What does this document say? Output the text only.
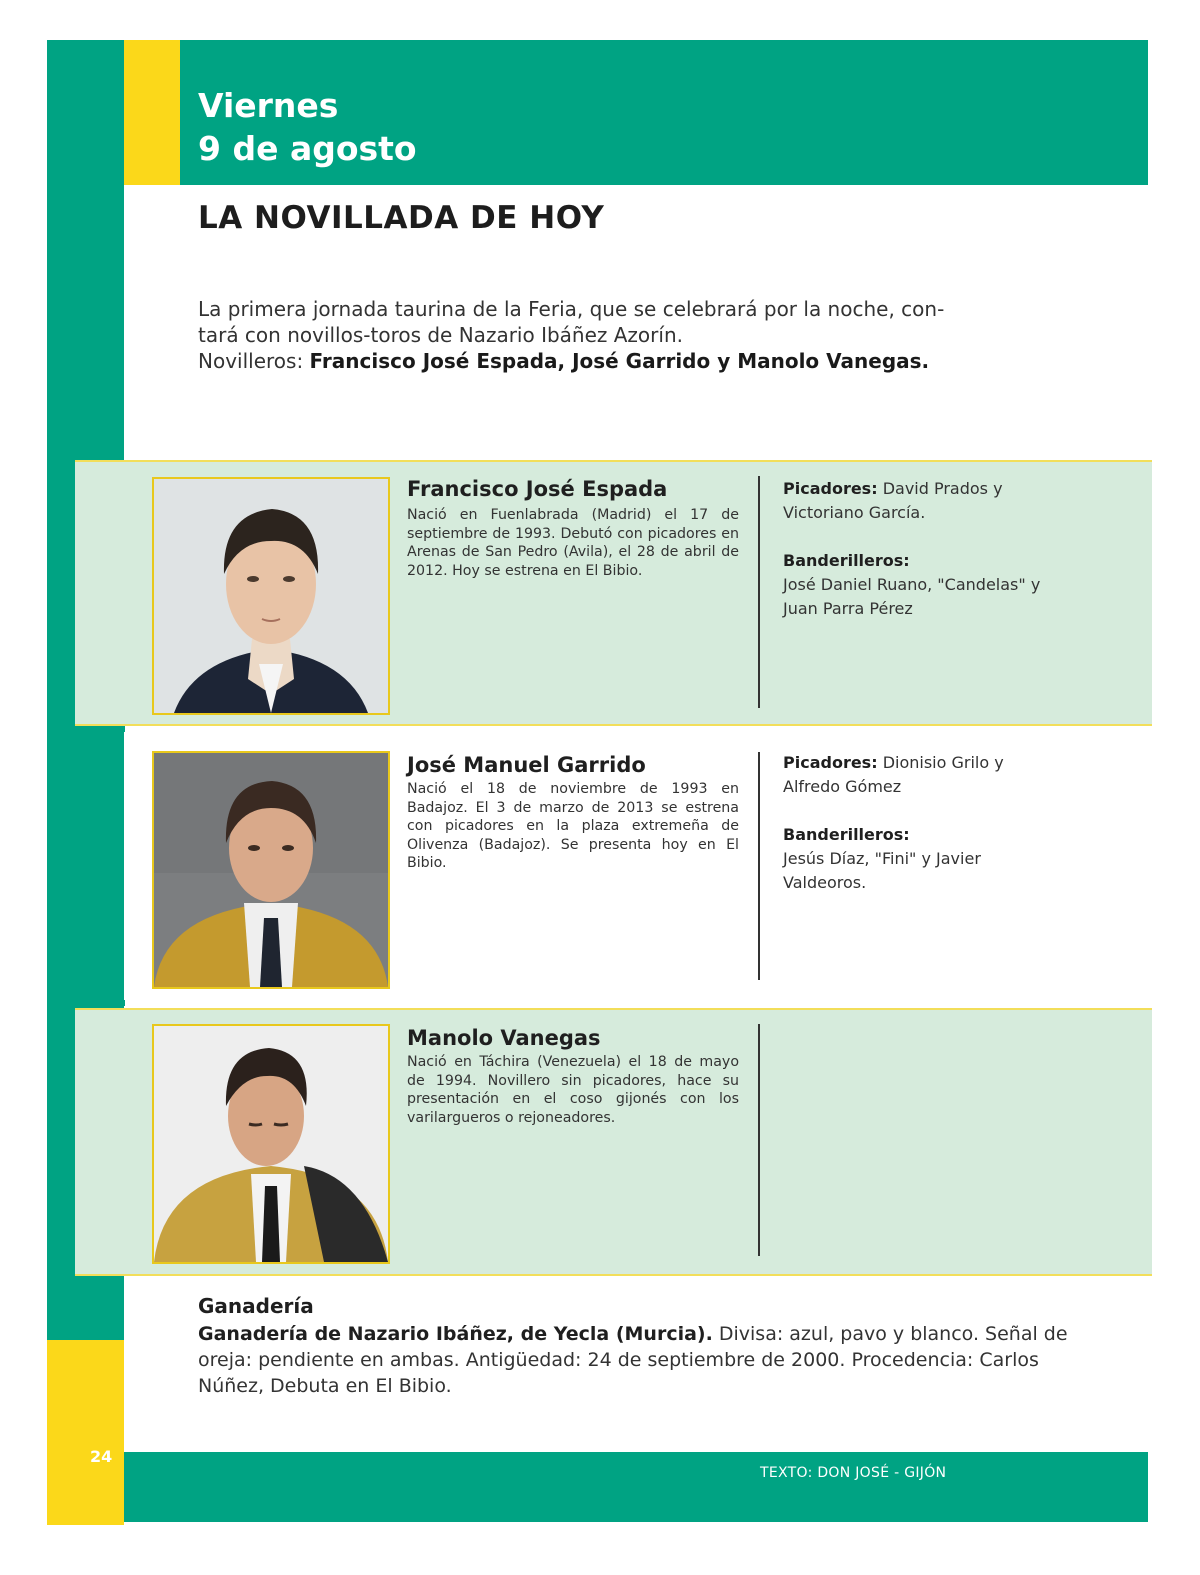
Viernes
9 de agosto
LA NOVILLADA DE HOY

La primera jornada taurina de la Feria, que se celebrará por la noche, con-

tará con novillos-toros de Nazario Ibáñez Azorín.

Novilleros: Francisco José Espada, José Garrido y Manolo Vanegas.

Francisco José Espada
Nació en Fuenlabrada (Madrid) el 17 de septiembre de 1993. Debutó con picadores en Arenas de San Pedro (Avila), el 28 de abril de 2012. Hoy se estrena en El Bibio.

Picadores: David Prados y Victoriano García.

Banderilleros:

José Daniel Ruano, "Candelas" y Juan Parra Pérez

José Manuel Garrido
Nació el 18 de noviembre de 1993 en Badajoz. El 3 de marzo de 2013 se estrena con picadores en la plaza extremeña de Olivenza (Badajoz). Se presenta hoy en El Bibio.

Picadores: Dionisio Grilo y Alfredo Gómez

Banderilleros:

Jesús Díaz, "Fini" y Javier Valdeoros.

Manolo Vanegas
Nació en Táchira (Venezuela) el 18 de mayo de 1994. Novillero sin picadores, hace su presentación en el coso gijonés con los varilargueros o rejoneadores.
Ganadería

Ganadería de Nazario Ibáñez, de Yecla (Murcia). Divisa: azul, pavo y blanco. Señal de oreja: pendiente en ambas. Antigüedad: 24 de septiembre de 2000. Procedencia: Carlos Núñez, Debuta en El Bibio.

24
TEXTO: DON JOSÉ - GIJÓN
